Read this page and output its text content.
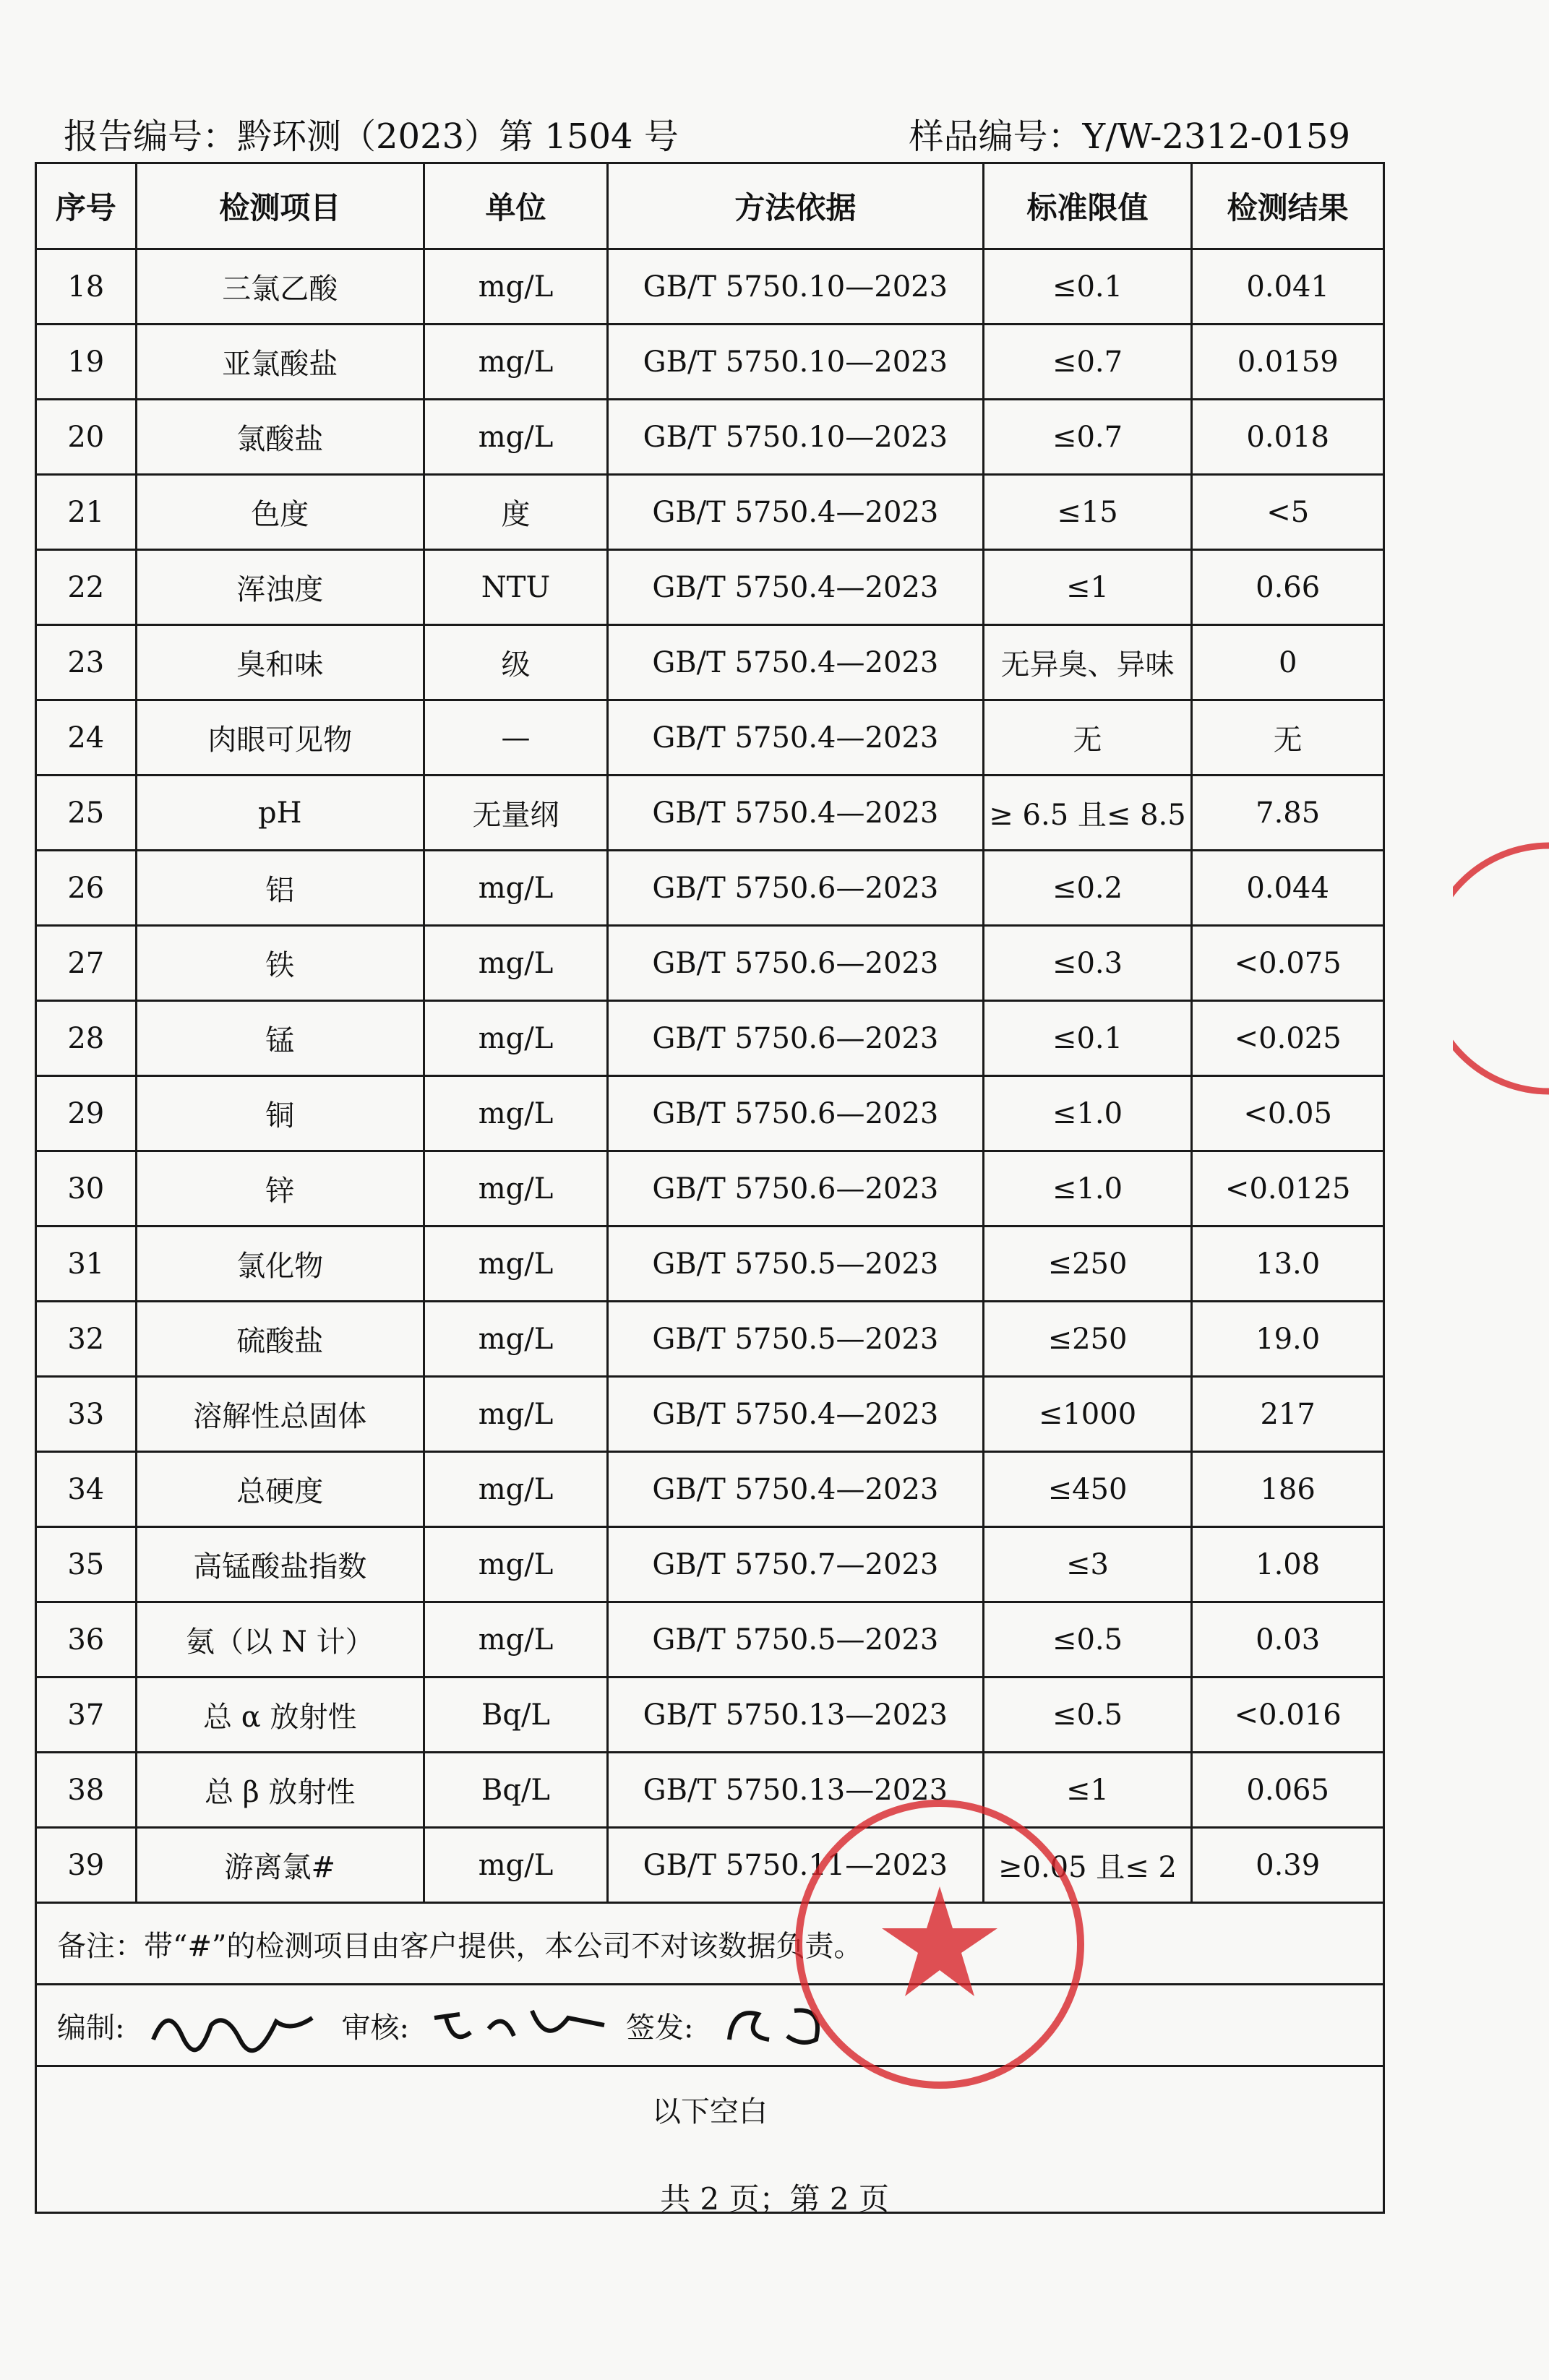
报告编号：黔环测（2023）第 1504 号	样品编号：Y/W-2312-0159
序号	检测项目	单位	方法依据	标准限值	检测结果
18	三氯乙酸	mg/L	GB/T 5750.10—2023	≤0.1	0.041
19	亚氯酸盐	mg/L	GB/T 5750.10—2023	≤0.7	0.0159
20	氯酸盐	mg/L	GB/T 5750.10—2023	≤0.7	0.018
21	色度	度	GB/T 5750.4—2023	≤15	<5
22	浑浊度	NTU	GB/T 5750.4—2023	≤1	0.66
23	臭和味	级	GB/T 5750.4—2023	无异臭、异味	0
24	肉眼可见物	—	GB/T 5750.4—2023	无	无
25	pH	无量纲	GB/T 5750.4—2023	≥ 6.5 且≤ 8.5	7.85
26	铝	mg/L	GB/T 5750.6—2023	≤0.2	0.044
27	铁	mg/L	GB/T 5750.6—2023	≤0.3	<0.075
28	锰	mg/L	GB/T 5750.6—2023	≤0.1	<0.025
29	铜	mg/L	GB/T 5750.6—2023	≤1.0	<0.05
30	锌	mg/L	GB/T 5750.6—2023	≤1.0	<0.0125
31	氯化物	mg/L	GB/T 5750.5—2023	≤250	13.0
32	硫酸盐	mg/L	GB/T 5750.5—2023	≤250	19.0
33	溶解性总固体	mg/L	GB/T 5750.4—2023	≤1000	217
34	总硬度	mg/L	GB/T 5750.4—2023	≤450	186
35	高锰酸盐指数	mg/L	GB/T 5750.7—2023	≤3	1.08
36	氨（以 N 计）	mg/L	GB/T 5750.5—2023	≤0.5	0.03
37	总 α 放射性	Bq/L	GB/T 5750.13—2023	≤0.5	<0.016
38	总 β 放射性	Bq/L	GB/T 5750.13—2023	≤1	0.065
39	游离氯#	mg/L	GB/T 5750.11—2023	≥0.05 且≤ 2	0.39
备注：带“#”的检测项目由客户提供，本公司不对该数据负责。					

编制: 审核: 签发:					

以下空白					
共 2 页；第 2 页
